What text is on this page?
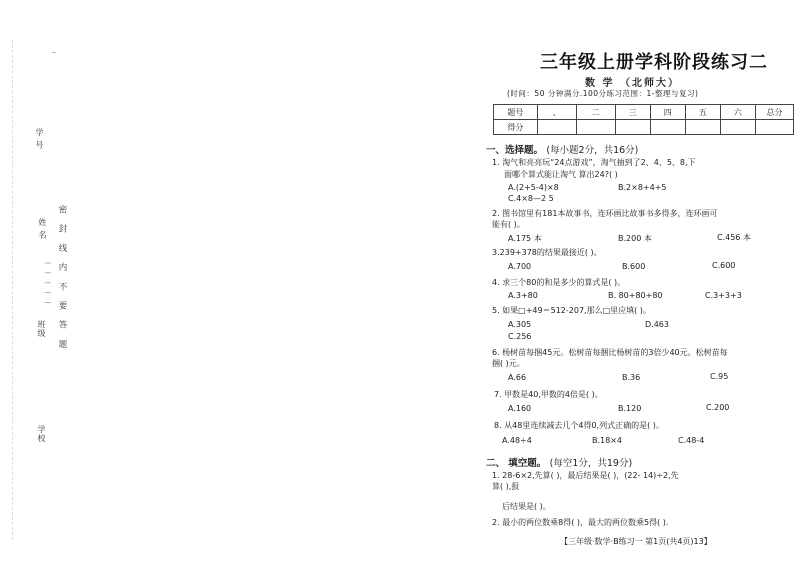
学 号
姓 名 密 封 线 内 不 要 答 题
| | | | |
班级
学校
三年级上册学科阶段练习二
数 学 （北师大）
(时间：50 分钟满分.100分练习范围：1-整理与复习)
题号	、	二	三	四	五	六	总分
得分							
一、选择题。 (每小题2分，共16分)
1. 淘气和亮亮玩“24点游戏”，淘气抽到了2、4、5、8,下
面哪个算式能让淘气 算出24?( )
A.(2+5-4)×8	B.2×8+4+5
C.4×8—2 5
2. 图书馆里有181本故事书，连环画比故事书多得多，连环画可
能有( )。
A.175 本	B.200 本	C.456 本
3.239+378的结果最接近( )。
A.700	B.600	C.600
4. 求三个80的和是多少的算式是( )。
A.3+80	B. 80+80+80	C.3+3+3
5. 如果□+49＝512-207,那么□里应填( )。
A.305	D.463
C.256
6. 杨树苗每捆45元。松树苗每捆比杨树苗的3倍少40元。松树苗每
捆( )元。
A.66	B.36	C.95
7. 甲数是40,甲数的4倍是( )。
A.160	B.120	C.200
8. 从48里连续减去几个4得0,列式正确的是( )。
A.48÷4	B.18×4	C.48-4
二、 填空题。 (每空1分，共19分)
1. 28-6×2,先算( )，最后结果是( )，(22- 14)÷2,先
算( ),报
后结果是( )。
2. 最小的两位数乘8得( )，最大的两位数乘5得( ).
【三年级·数学·B练习一 第1页(共4页)13】
